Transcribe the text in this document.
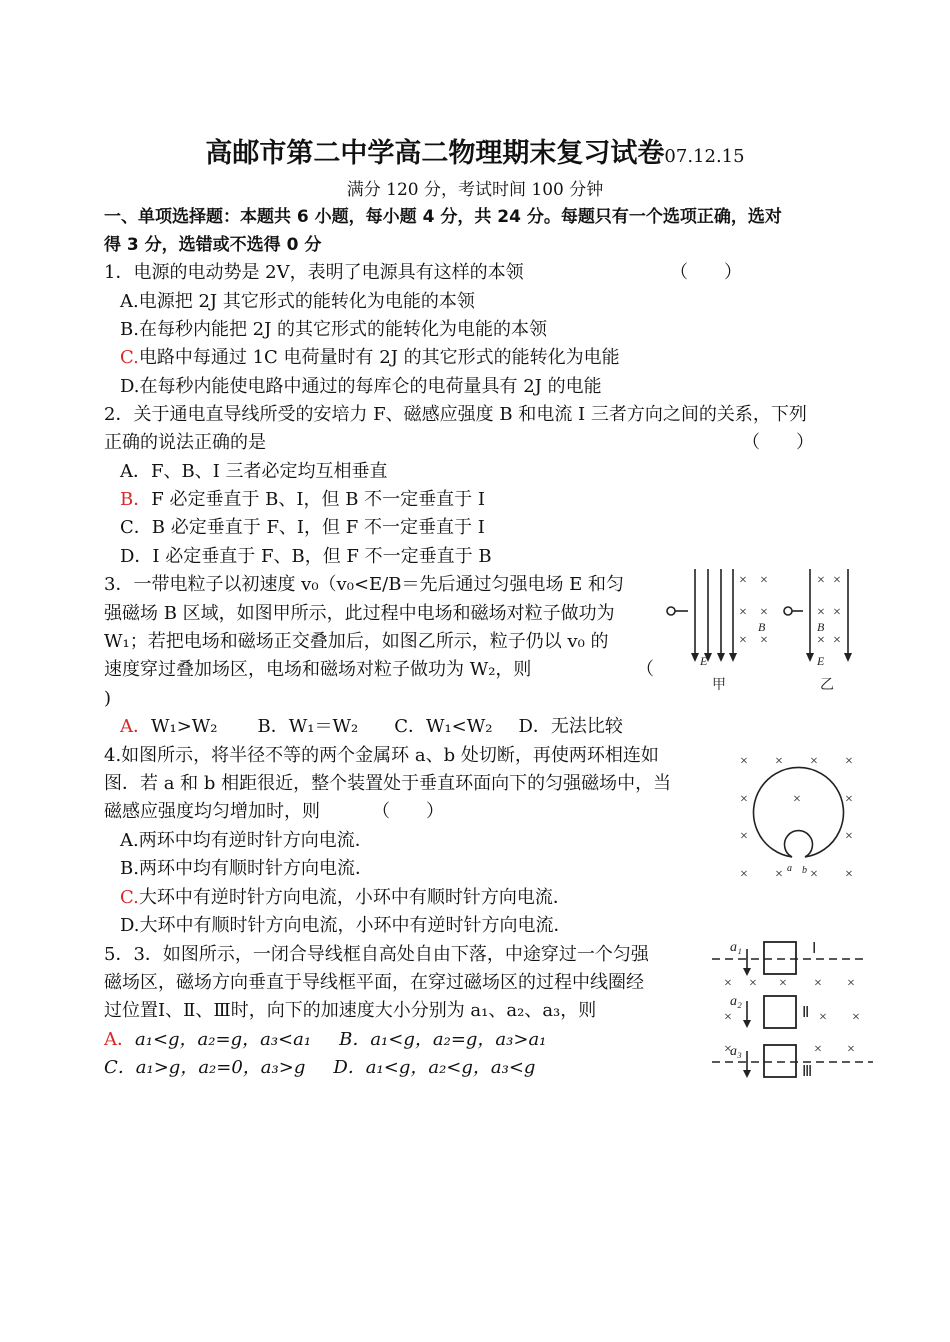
高邮市第二中学高二物理期末复习试卷07.12.15
满分 120 分，考试时间 100 分钟
一、单项选择题：本题共 6 小题，每小题 4 分，共 24 分。每题只有一个选项正确，选对
得 3 分，选错或不选得 0 分
1．电源的电动势是 2V，表明了电源具有这样的本领	（　　）
A.电源把 2J 其它形式的能转化为电能的本领
B.在每秒内能把 2J 的其它形式的能转化为电能的本领
C.电路中每通过 1C 电荷量时有 2J 的其它形式的能转化为电能
D.在每秒内能使电路中通过的每库仑的电荷量具有 2J 的电能
2．关于通电直导线所受的安培力 F、磁感应强度 B 和电流 I 三者方向之间的关系，下列
正确的说法正确的是	（　　）
A．F、B、I 三者必定均互相垂直
B．F 必定垂直于 B、I，但 B 不一定垂直于 I
C．B 必定垂直于 F、I，但 F 不一定垂直于 I
D．I 必定垂直于 F、B，但 F 不一定垂直于 B
3．一带电粒子以初速度 v₀（v₀<E/B＝先后通过匀强电场 E 和匀
强磁场 B 区域，如图甲所示，此过程中电场和磁场对粒子做功为
W₁；若把电场和磁场正交叠加后，如图乙所示，粒子仍以 v₀ 的
速度穿过叠加场区，电场和磁场对粒子做功为 W₂，则	（
)
A．W₁>W₂ B．W₁＝W₂ C．W₁<W₂ D．无法比较
× ×
× ×
× ×
× ×
× ×
× ×
E
B	B
E
甲	乙
4.如图所示，将半径不等的两个金属环 a、b 处切断，再使两环相连如
图．若 a 和 b 相距很近，整个装置处于垂直环面向下的匀强磁场中，当
磁感应强度均匀增加时，则	（　　）
A.两环中均有逆时针方向电流．
B.两环中均有顺时针方向电流．
C.大环中有逆时针方向电流，小环中有顺时针方向电流．
D.大环中有顺时针方向电流，小环中有逆时针方向电流．
× × × ×
×	×
×	×
× × × ×
×
a b
5．3．如图所示，一闭合导线框自高处自由下落，中途穿过一个匀强
磁场区，磁场方向垂直于导线框平面，在穿过磁场区的过程中线圈经
过位置Ⅰ、Ⅱ、Ⅲ时，向下的加速度大小分别为 a₁、a₂、a₃，则
A．a₁<g，a₂=g，a₃<a₁ B．a₁<g，a₂=g，a₃>a₁
C．a₁>g，a₂=0，a₃>g D．a₁<g，a₂<g，a₃<g
× × × × ×
×	× ×
×	× ×
a₁
a₂
a₃
Ⅰ
Ⅱ
Ⅲ
